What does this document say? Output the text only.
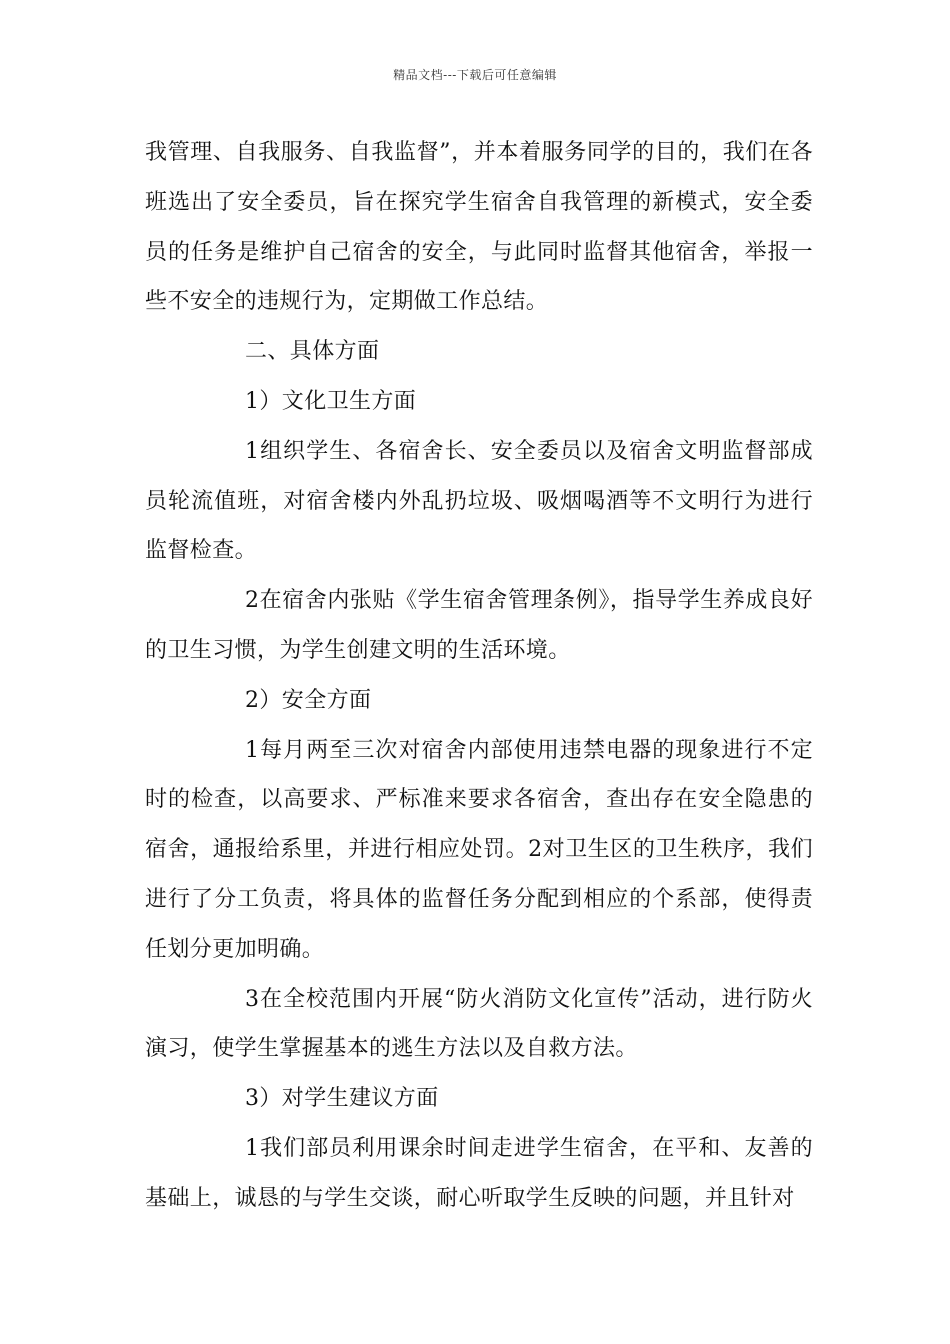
精品文档---下载后可任意编辑

我管理、自我服务、自我监督”，并本着服务同学的目的，我们在各班选出了安全委员，旨在探究学生宿舍自我管理的新模式，安全委员的任务是维护自己宿舍的安全，与此同时监督其他宿舍，举报一些不安全的违规行为，定期做工作总结。

二、具体方面

1）文化卫生方面

1组织学生、各宿舍长、安全委员以及宿舍文明监督部成员轮流值班，对宿舍楼内外乱扔垃圾、吸烟喝酒等不文明行为进行监督检查。

2在宿舍内张贴《学生宿舍管理条例》，指导学生养成良好的卫生习惯，为学生创建文明的生活环境。

2）安全方面

1每月两至三次对宿舍内部使用违禁电器的现象进行不定时的检查，以高要求、严标准来要求各宿舍，查出存在安全隐患的宿舍，通报给系里，并进行相应处罚。2对卫生区的卫生秩序，我们进行了分工负责，将具体的监督任务分配到相应的个系部，使得责任划分更加明确。

3在全校范围内开展“防火消防文化宣传”活动，进行防火演习，使学生掌握基本的逃生方法以及自救方法。

3）对学生建议方面

1我们部员利用课余时间走进学生宿舍，在平和、友善的基础上，诚恳的与学生交谈，耐心听取学生反映的问题，并且针对
